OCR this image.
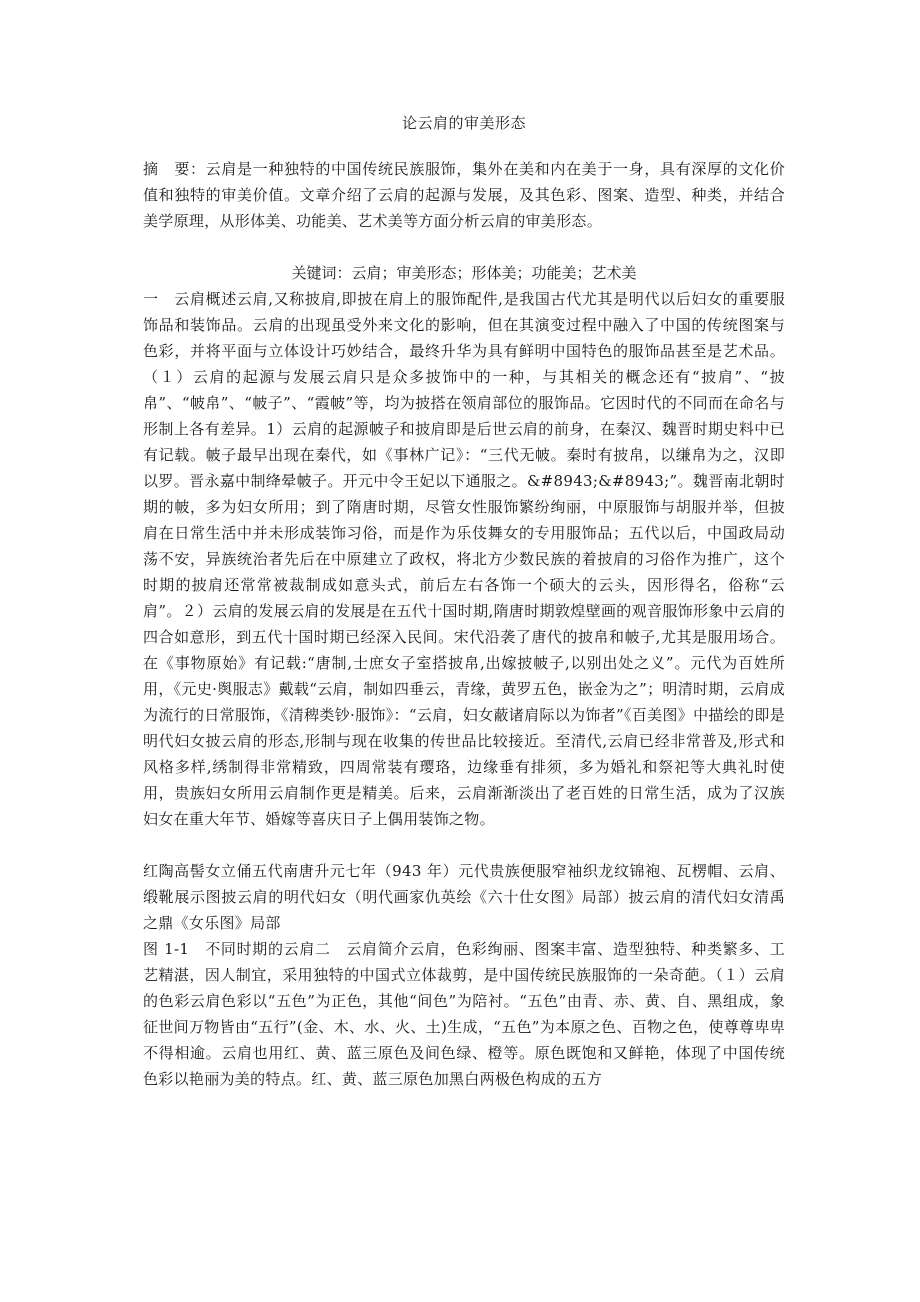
论云肩的审美形态

摘　要：云肩是一种独特的中国传统民族服饰，集外在美和内在美于一身，具有深厚的文化价值和独特的审美价值。文章介绍了云肩的起源与发展，及其色彩、图案、造型、种类，并结合美学原理，从形体美、功能美、艺术美等方面分析云肩的审美形态。

关键词：云肩；审美形态；形体美；功能美；艺术美

一　云肩概述云肩,又称披肩,即披在肩上的服饰配件,是我国古代尤其是明代以后妇女的重要服饰品和装饰品。云肩的出现虽受外来文化的影响，但在其演变过程中融入了中国的传统图案与色彩，并将平面与立体设计巧妙结合，最终升华为具有鲜明中国特色的服饰品甚至是艺术品。（１）云肩的起源与发展云肩只是众多披饰中的一种，与其相关的概念还有“披肩”、“披帛”、“帔帛”、“帔子”、“霞帔”等，均为披搭在领肩部位的服饰品。它因时代的不同而在命名与形制上各有差异。1）云肩的起源帔子和披肩即是后世云肩的前身，在秦汉、魏晋时期史料中已有记载。帔子最早出现在秦代，如《事林广记》：“三代无帔。秦时有披帛，以缣帛为之，汉即以罗。晋永嘉中制绛晕帔子。开元中令王妃以下通服之。&#8943;&#8943;”。魏晋南北朝时期的帔，多为妇女所用；到了隋唐时期，尽管女性服饰繁纷绚丽，中原服饰与胡服并举，但披肩在日常生活中并未形成装饰习俗，而是作为乐伎舞女的专用服饰品；五代以后，中国政局动荡不安，异族统治者先后在中原建立了政权，将北方少数民族的着披肩的习俗作为推广，这个时期的披肩还常常被裁制成如意头式，前后左右各饰一个硕大的云头，因形得名，俗称“云肩”。２）云肩的发展云肩的发展是在五代十国时期,隋唐时期敦煌壁画的观音服饰形象中云肩的四合如意形，到五代十国时期已经深入民间。宋代沿袭了唐代的披帛和帔子,尤其是服用场合。在《事物原始》有记载:“唐制,士庶女子室搭披帛,出嫁披帔子,以别出处之义”。元代为百姓所用，《元史·舆服志》戴载“云肩，制如四垂云，青缘，黄罗五色，嵌金为之”；明清时期，云肩成为流行的日常服饰，《清稗类钞·服饰》：“云肩，妇女蔽诸肩际以为饰者”《百美图》中描绘的即是明代妇女披云肩的形态,形制与现在收集的传世品比较接近。至清代,云肩已经非常普及,形式和风格多样,绣制得非常精致，四周常装有璎珞，边缘垂有排须，多为婚礼和祭祀等大典礼时使用，贵族妇女所用云肩制作更是精美。后来，云肩渐渐淡出了老百姓的日常生活，成为了汉族妇女在重大年节、婚嫁等喜庆日子上偶用装饰之物。

红陶高髻女立俑五代南唐升元七年（943 年）元代贵族便服窄袖织龙纹锦袍、瓦楞帽、云肩、缎靴展示图披云肩的明代妇女（明代画家仇英绘《六十仕女图》局部）披云肩的清代妇女清禹之鼎《女乐图》局部

图 1-1　不同时期的云肩二　云肩简介云肩，色彩绚丽、图案丰富、造型独特、种类繁多、工艺精湛，因人制宜，采用独特的中国式立体裁剪，是中国传统民族服饰的一朵奇葩。（１）云肩的色彩云肩色彩以“五色”为正色，其他“间色”为陪衬。“五色”由青、赤、黄、自、黑组成，象征世间万物皆由“五行”(金、木、水、火、土)生成，“五色”为本原之色、百物之色，使尊尊卑卑不得相逾。云肩也用红、黄、蓝三原色及间色绿、橙等。原色既饱和又鲜艳，体现了中国传统色彩以艳丽为美的特点。红、黄、蓝三原色加黑白两极色构成的五方
